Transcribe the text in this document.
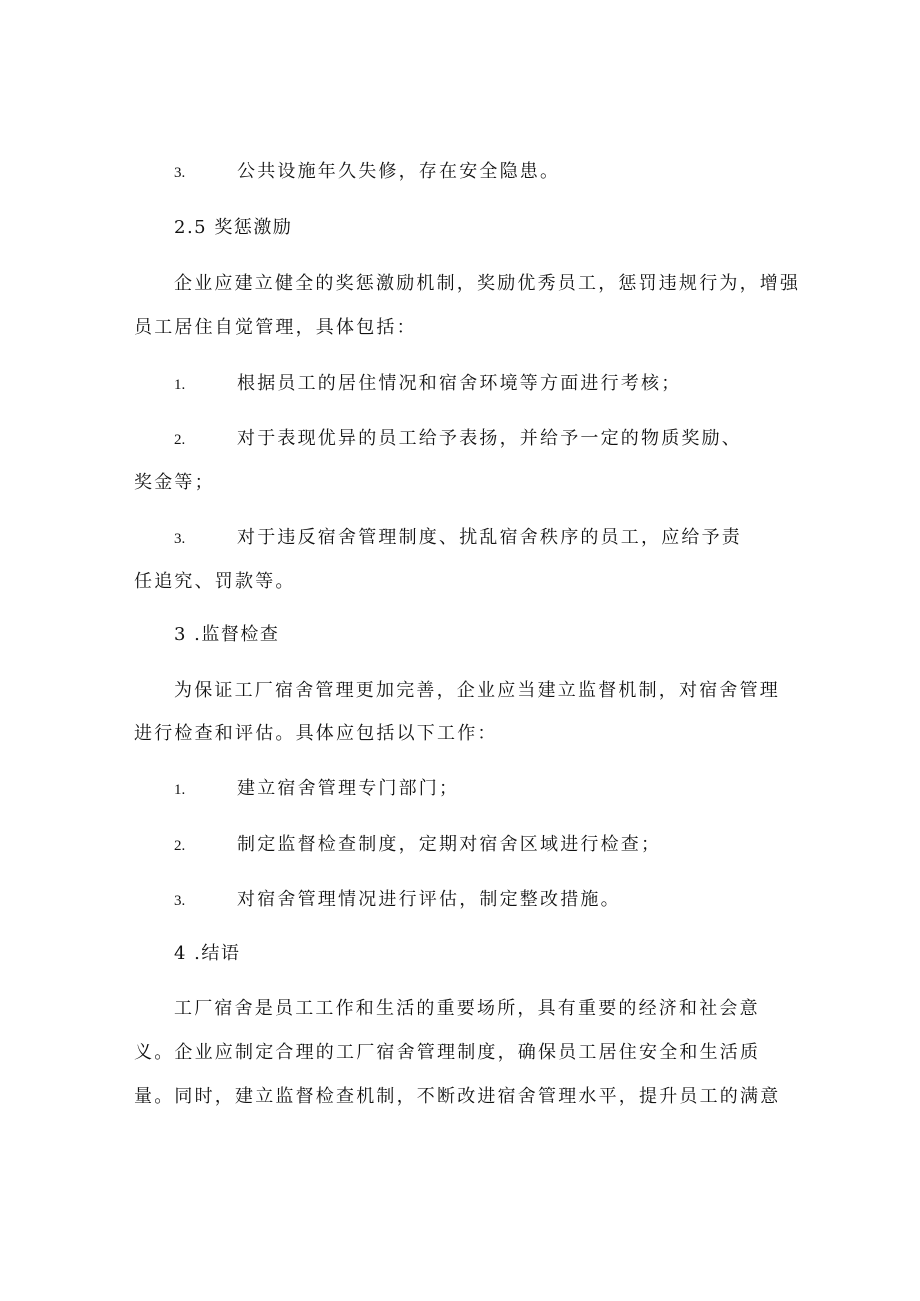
3.	公共设施年久失修，存在安全隐患。
2.5 奖惩激励
企业应建立健全的奖惩激励机制，奖励优秀员工，惩罚违规行为，增强
员工居住自觉管理，具体包括：
1.	根据员工的居住情况和宿舍环境等方面进行考核；
2.	对于表现优异的员工给予表扬，并给予一定的物质奖励、
奖金等；
3.	对于违反宿舍管理制度、扰乱宿舍秩序的员工，应给予责
任追究、罚款等。
3 .监督检查
为保证工厂宿舍管理更加完善，企业应当建立监督机制，对宿舍管理
进行检查和评估。具体应包括以下工作：
1.	建立宿舍管理专门部门；
2.	制定监督检查制度，定期对宿舍区域进行检查；
3.	对宿舍管理情况进行评估，制定整改措施。
4 .结语
工厂宿舍是员工工作和生活的重要场所，具有重要的经济和社会意
义。企业应制定合理的工厂宿舍管理制度，确保员工居住安全和生活质
量。同时，建立监督检查机制，不断改进宿舍管理水平，提升员工的满意
